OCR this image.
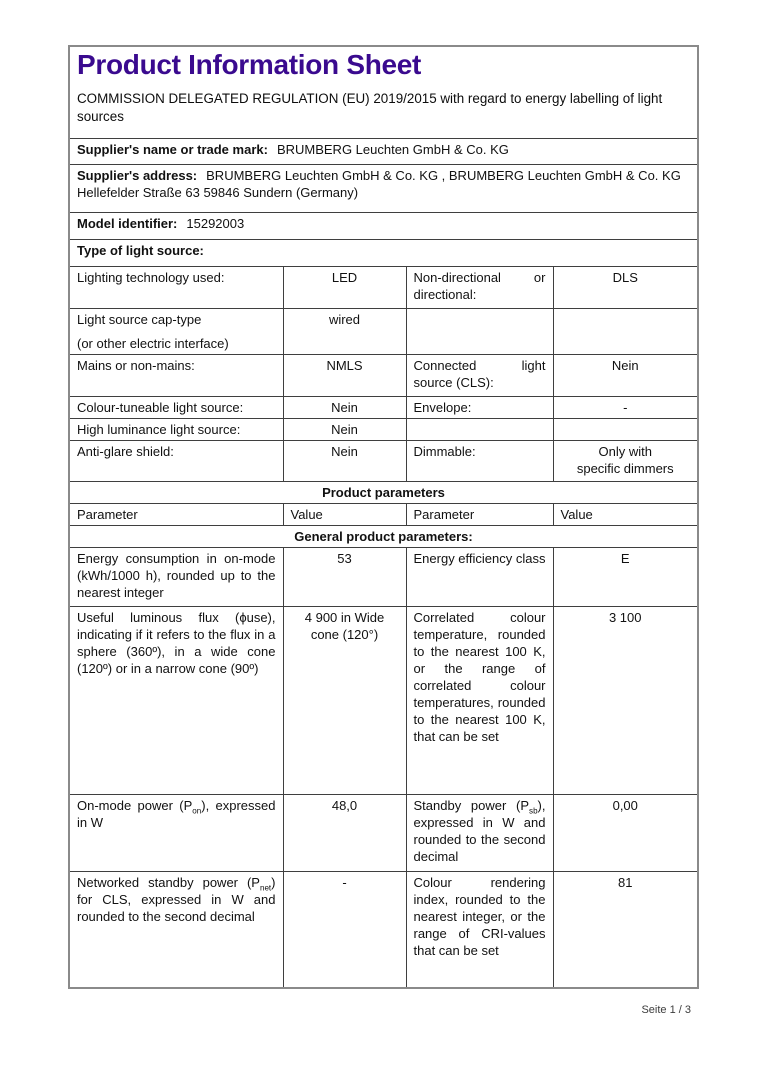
Product Information Sheet
COMMISSION DELEGATED REGULATION (EU) 2019/2015 with regard to energy labelling of light sources			

Supplier's name or trade mark: BRUMBERG Leuchten GmbH & Co. KG			
Supplier's address: BRUMBERG Leuchten GmbH & Co. KG , BRUMBERG Leuchten GmbH & Co. KG Hellefelder Straße 63 59846 Sundern (Germany)			
Model identifier: 15292003			
Type of light source:			
Lighting technology used:	LED	Non-directional or directional:	DLS

Light source cap-type
(or other electric interface)	wired		
Mains or non-mains:	NMLS	Connected light source (CLS):	Nein
Colour-tuneable light source:	Nein	Envelope:	-
High luminance light source:	Nein		
Anti-glare shield:	Nein	Dimmable:	Only with
specific dimmers
Product parameters			
Parameter	Value	Parameter	Value
General product parameters:			
Energy consumption in on-mode (kWh/1000 h), rounded up to the nearest integer	53	Energy efficiency class	E
Useful luminous flux (ϕuse), indicating if it refers to the flux in a sphere (360º), in a wide cone (120º) or in a narrow cone (90º)	4 900 in Wide
cone (120°)	Correlated colour temperature, rounded to the nearest 100 K, or the range of correlated colour temperatures, rounded to the nearest 100 K, that can be set	3 100
On-mode power $(P_{on})$, expressed in W	48,0	Standby power $(P_{sb})$, expressed in W and rounded to the second decimal	0,00
Networked standby power $(P_{net})$ for CLS, expressed in W and rounded to the second decimal	-	Colour rendering index, rounded to the nearest integer, or the range of CRI-values that can be set	81
Seite 1 / 3
